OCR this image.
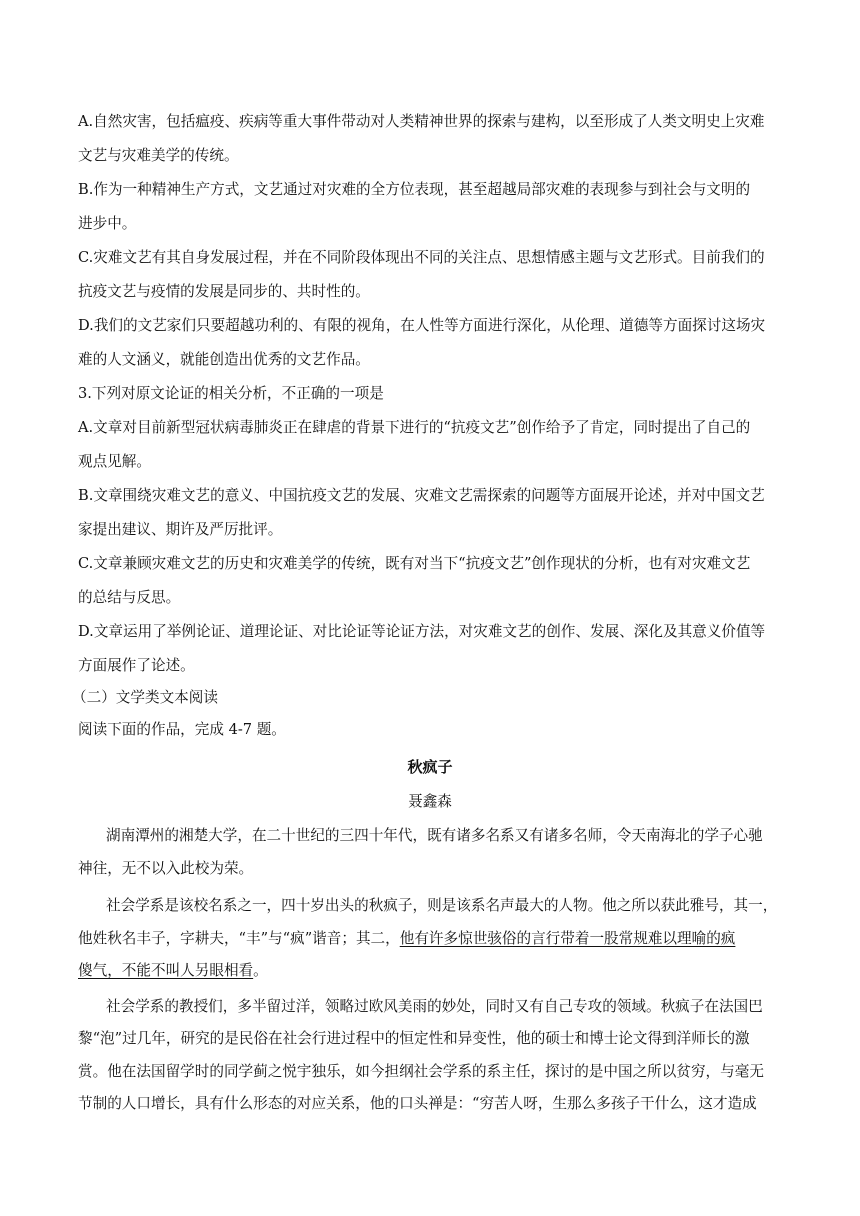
A.自然灾害，包括瘟疫、疾病等重大事件带动对人类精神世界的探索与建构，以至形成了人类文明史上灾难
文艺与灾难美学的传统。
B.作为一种精神生产方式，文艺通过对灾难的全方位表现，甚至超越局部灾难的表现参与到社会与文明的
进步中。
C.灾难文艺有其自身发展过程，并在不同阶段体现出不同的关注点、思想情感主题与文艺形式。目前我们的
抗疫文艺与疫情的发展是同步的、共时性的。
D.我们的文艺家们只要超越功利的、有限的视角，在人性等方面进行深化，从伦理、道德等方面探讨这场灾
难的人文涵义，就能创造出优秀的文艺作品。
3.下列对原文论证的相关分析，不正确的一项是
A.文章对目前新型冠状病毒肺炎正在肆虐的背景下进行的“抗疫文艺”创作给予了肯定，同时提出了自己的
观点见解。
B.文章围绕灾难文艺的意义、中国抗疫文艺的发展、灾难文艺需探索的问题等方面展开论述，并对中国文艺
家提出建议、期许及严厉批评。
C.文章兼顾灾难文艺的历史和灾难美学的传统，既有对当下“抗疫文艺”创作现状的分析，也有对灾难文艺
的总结与反思。
D.文章运用了举例论证、道理论证、对比论证等论证方法，对灾难文艺的创作、发展、深化及其意义价值等
方面展作了论述。
（二）文学类文本阅读
阅读下面的作品，完成 4-7 题。
秋疯子
聂鑫森
湖南潭州的湘楚大学，在二十世纪的三四十年代，既有诸多名系又有诸多名师，令天南海北的学子心驰
神往，无不以入此校为荣。
社会学系是该校名系之一，四十岁出头的秋疯子，则是该系名声最大的人物。他之所以获此雅号，其一，
他姓秋名丰子，字耕夫，“丰”与“疯”谐音；其二，他有许多惊世骇俗的言行带着一股常规难以理喻的疯
傻气，不能不叫人另眼相看。
社会学系的教授们，多半留过洋，领略过欧风美雨的妙处，同时又有自己专攻的领域。秋疯子在法国巴
黎“泡”过几年，研究的是民俗在社会行进过程中的恒定性和异变性，他的硕士和博士论文得到洋师长的激
赏。他在法国留学时的同学蓟之悦宇独乐，如今担纲社会学系的系主任，探讨的是中国之所以贫穷，与毫无
节制的人口增长，具有什么形态的对应关系，他的口头禅是：“穷苦人呀，生那么多孩子干什么，这才造成
